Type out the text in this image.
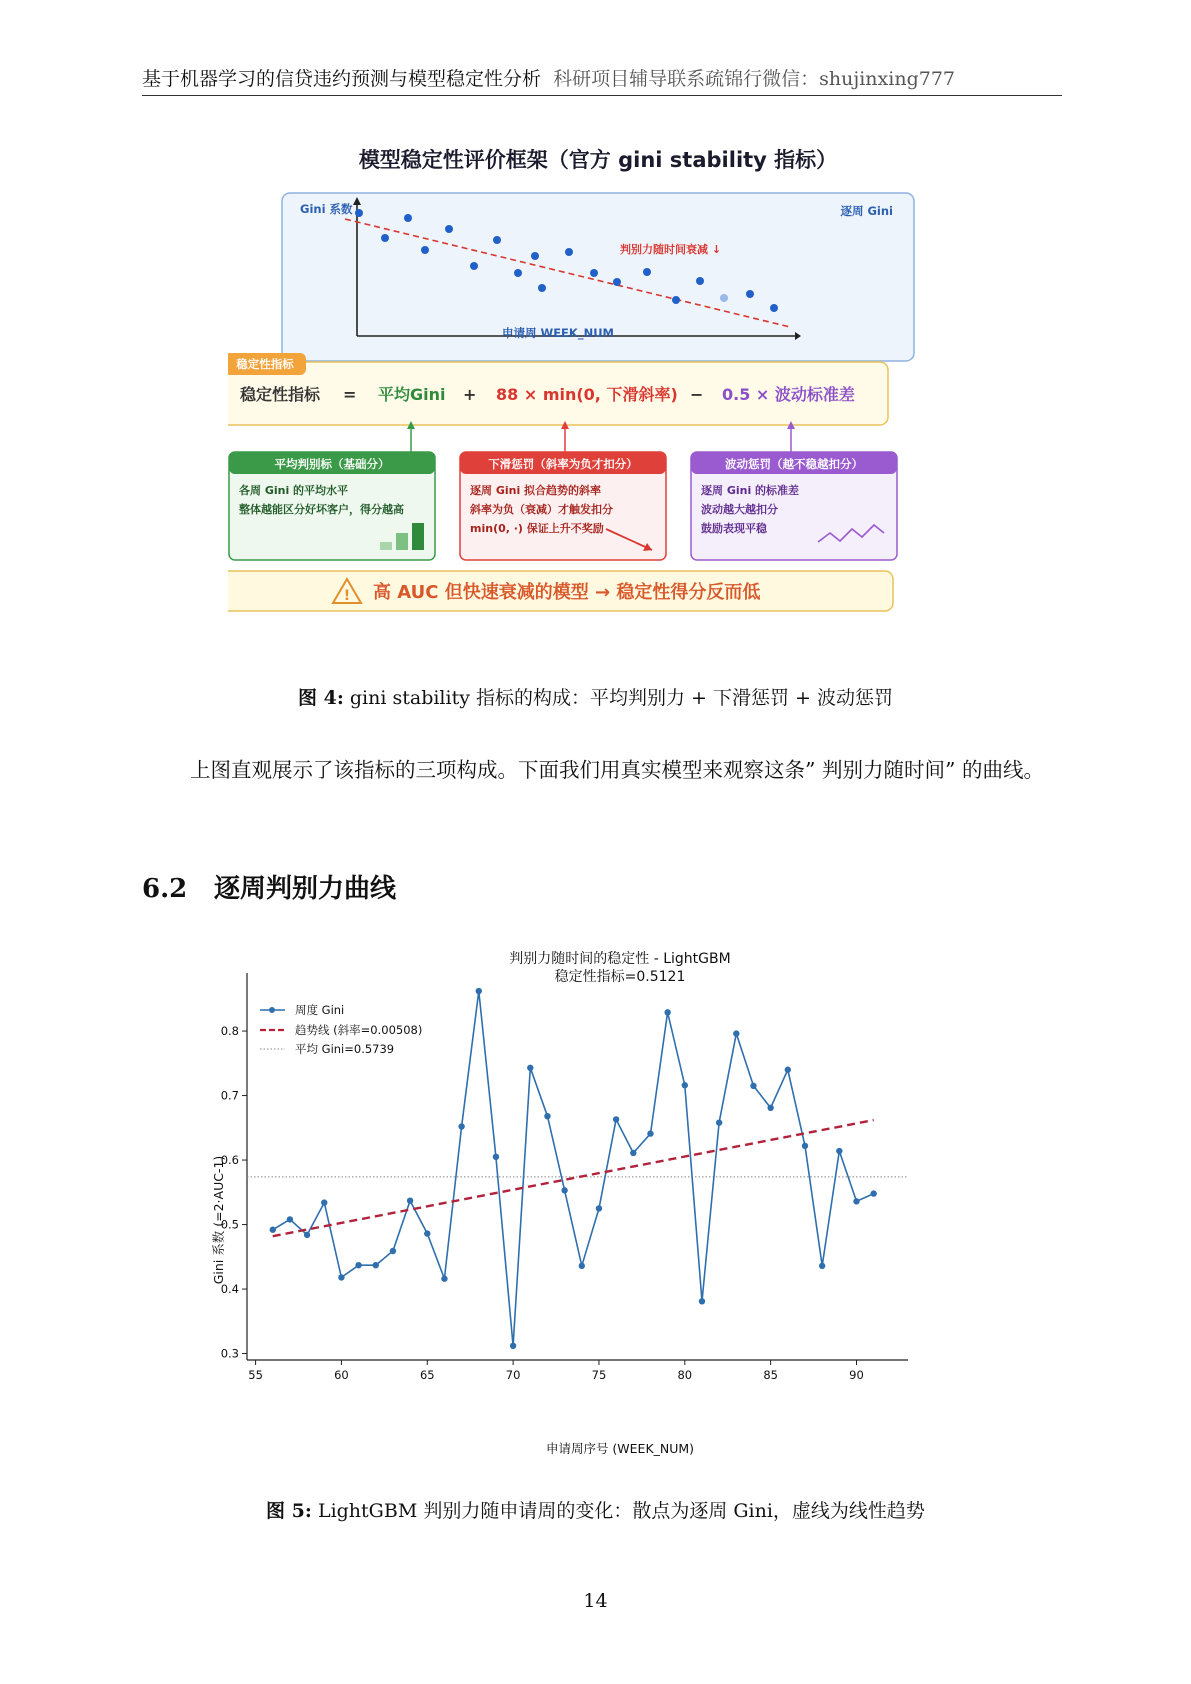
基于机器学习的信贷违约预测与模型稳定性分析 科研项目辅导联系疏锦行微信：shujinxing777
模型稳定性评价框架（官方 gini stability 指标）
Gini 系数	逐周 Gini
判别力随时间衰减 ↓
申请周 WEEK_NUM
稳定性指标
稳定性指标 = 平均Gini + 88 × min(0, 下滑斜率) − 0.5 × 波动标准差
平均判别标（基础分）
各周 Gini 的平均水平
整体越能区分好坏客户，得分越高
下滑惩罚（斜率为负才扣分）
逐周 Gini 拟合趋势的斜率
斜率为负（衰减）才触发扣分
min(0, ·) 保证上升不奖励
波动惩罚（越不稳越扣分）
逐周 Gini 的标准差
波动越大越扣分
鼓励表现平稳
! 高 AUC 但快速衰减的模型 → 稳定性得分反而低
图 4: gini stability 指标的构成：平均判别力 + 下滑惩罚 + 波动惩罚
上图直观展示了该指标的三项构成。下面我们用真实模型来观察这条” 判别力随时间” 的曲线。
6.2 逐周判别力曲线
判别力随时间的稳定性 - LightGBM
稳定性指标=0.5121
55	60	65	70	75	80	85	90
0.3
0.4
0.5
0.6
0.7
0.8
申请周序号 (WEEK_NUM)
Gini 系数 (=2·AUC-1)
周度 Gini
趋势线 (斜率=0.00508)
平均 Gini=0.5739
图 5: LightGBM 判别力随申请周的变化：散点为逐周 Gini，虚线为线性趋势
14
